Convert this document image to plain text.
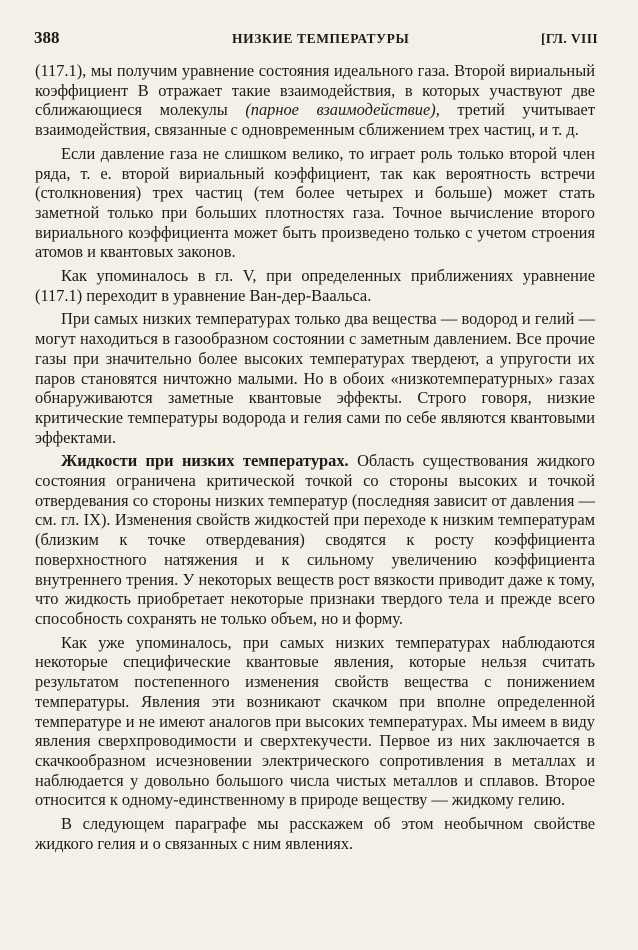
388	НИЗКИЕ ТЕМПЕРАТУРЫ	[ГЛ. VIII

(117.1), мы получим уравнение состояния идеального газа. Второй вириальный коэффициент B отражает такие взаимодействия, в которых участвуют две сближающиеся молекулы (парное взаимодействие), третий учитывает взаимодействия, связанные с одновременным сближением трех частиц, и т. д.

Если давление газа не слишком велико, то играет роль только второй член ряда, т. е. второй вириальный коэффициент, так как вероятность встречи (столкновения) трех частиц (тем более четырех и больше) может стать заметной только при больших плотностях газа. Точное вычисление второго вириального коэффициента может быть произведено только с учетом строения атомов и квантовых законов.

Как упоминалось в гл. V, при определенных приближениях уравнение (117.1) переходит в уравнение Ван-дер-Ваальса.

При самых низких температурах только два вещества — водород и гелий — могут находиться в газообразном состоянии с заметным давлением. Все прочие газы при значительно более высоких температурах твердеют, а упругости их паров становятся ничтожно малыми. Но в обоих «низкотемпературных» газах обнаруживаются заметные квантовые эффекты. Строго говоря, низкие критические температуры водорода и гелия сами по себе являются квантовыми эффектами.

Жидкости при низких температурах. Область существования жидкого состояния ограничена критической точкой со стороны высоких и точкой отвердевания со стороны низких температур (последняя зависит от давления — см. гл. IX). Изменения свойств жидкостей при переходе к низким температурам (близким к точке отвердевания) сводятся к росту коэффициента поверхностного натяжения и к сильному увеличению коэффициента внутреннего трения. У некоторых веществ рост вязкости приводит даже к тому, что жидкость приобретает некоторые признаки твердого тела и прежде всего способность сохранять не только объем, но и форму.

Как уже упоминалось, при самых низких температурах наблюдаются некоторые специфические квантовые явления, которые нельзя считать результатом постепенного изменения свойств вещества с понижением температуры. Явления эти возникают скачком при вполне определенной температуре и не имеют аналогов при высоких температурах. Мы имеем в виду явления сверхпроводимости и сверхтекучести. Первое из них заключается в скачкообразном исчезновении электрического сопротивления в металлах и наблюдается у довольно большого числа чистых металлов и сплавов. Второе относится к одному-единственному в природе веществу — жидкому гелию.

В следующем параграфе мы расскажем об этом необычном свойстве жидкого гелия и о связанных с ним явлениях.
